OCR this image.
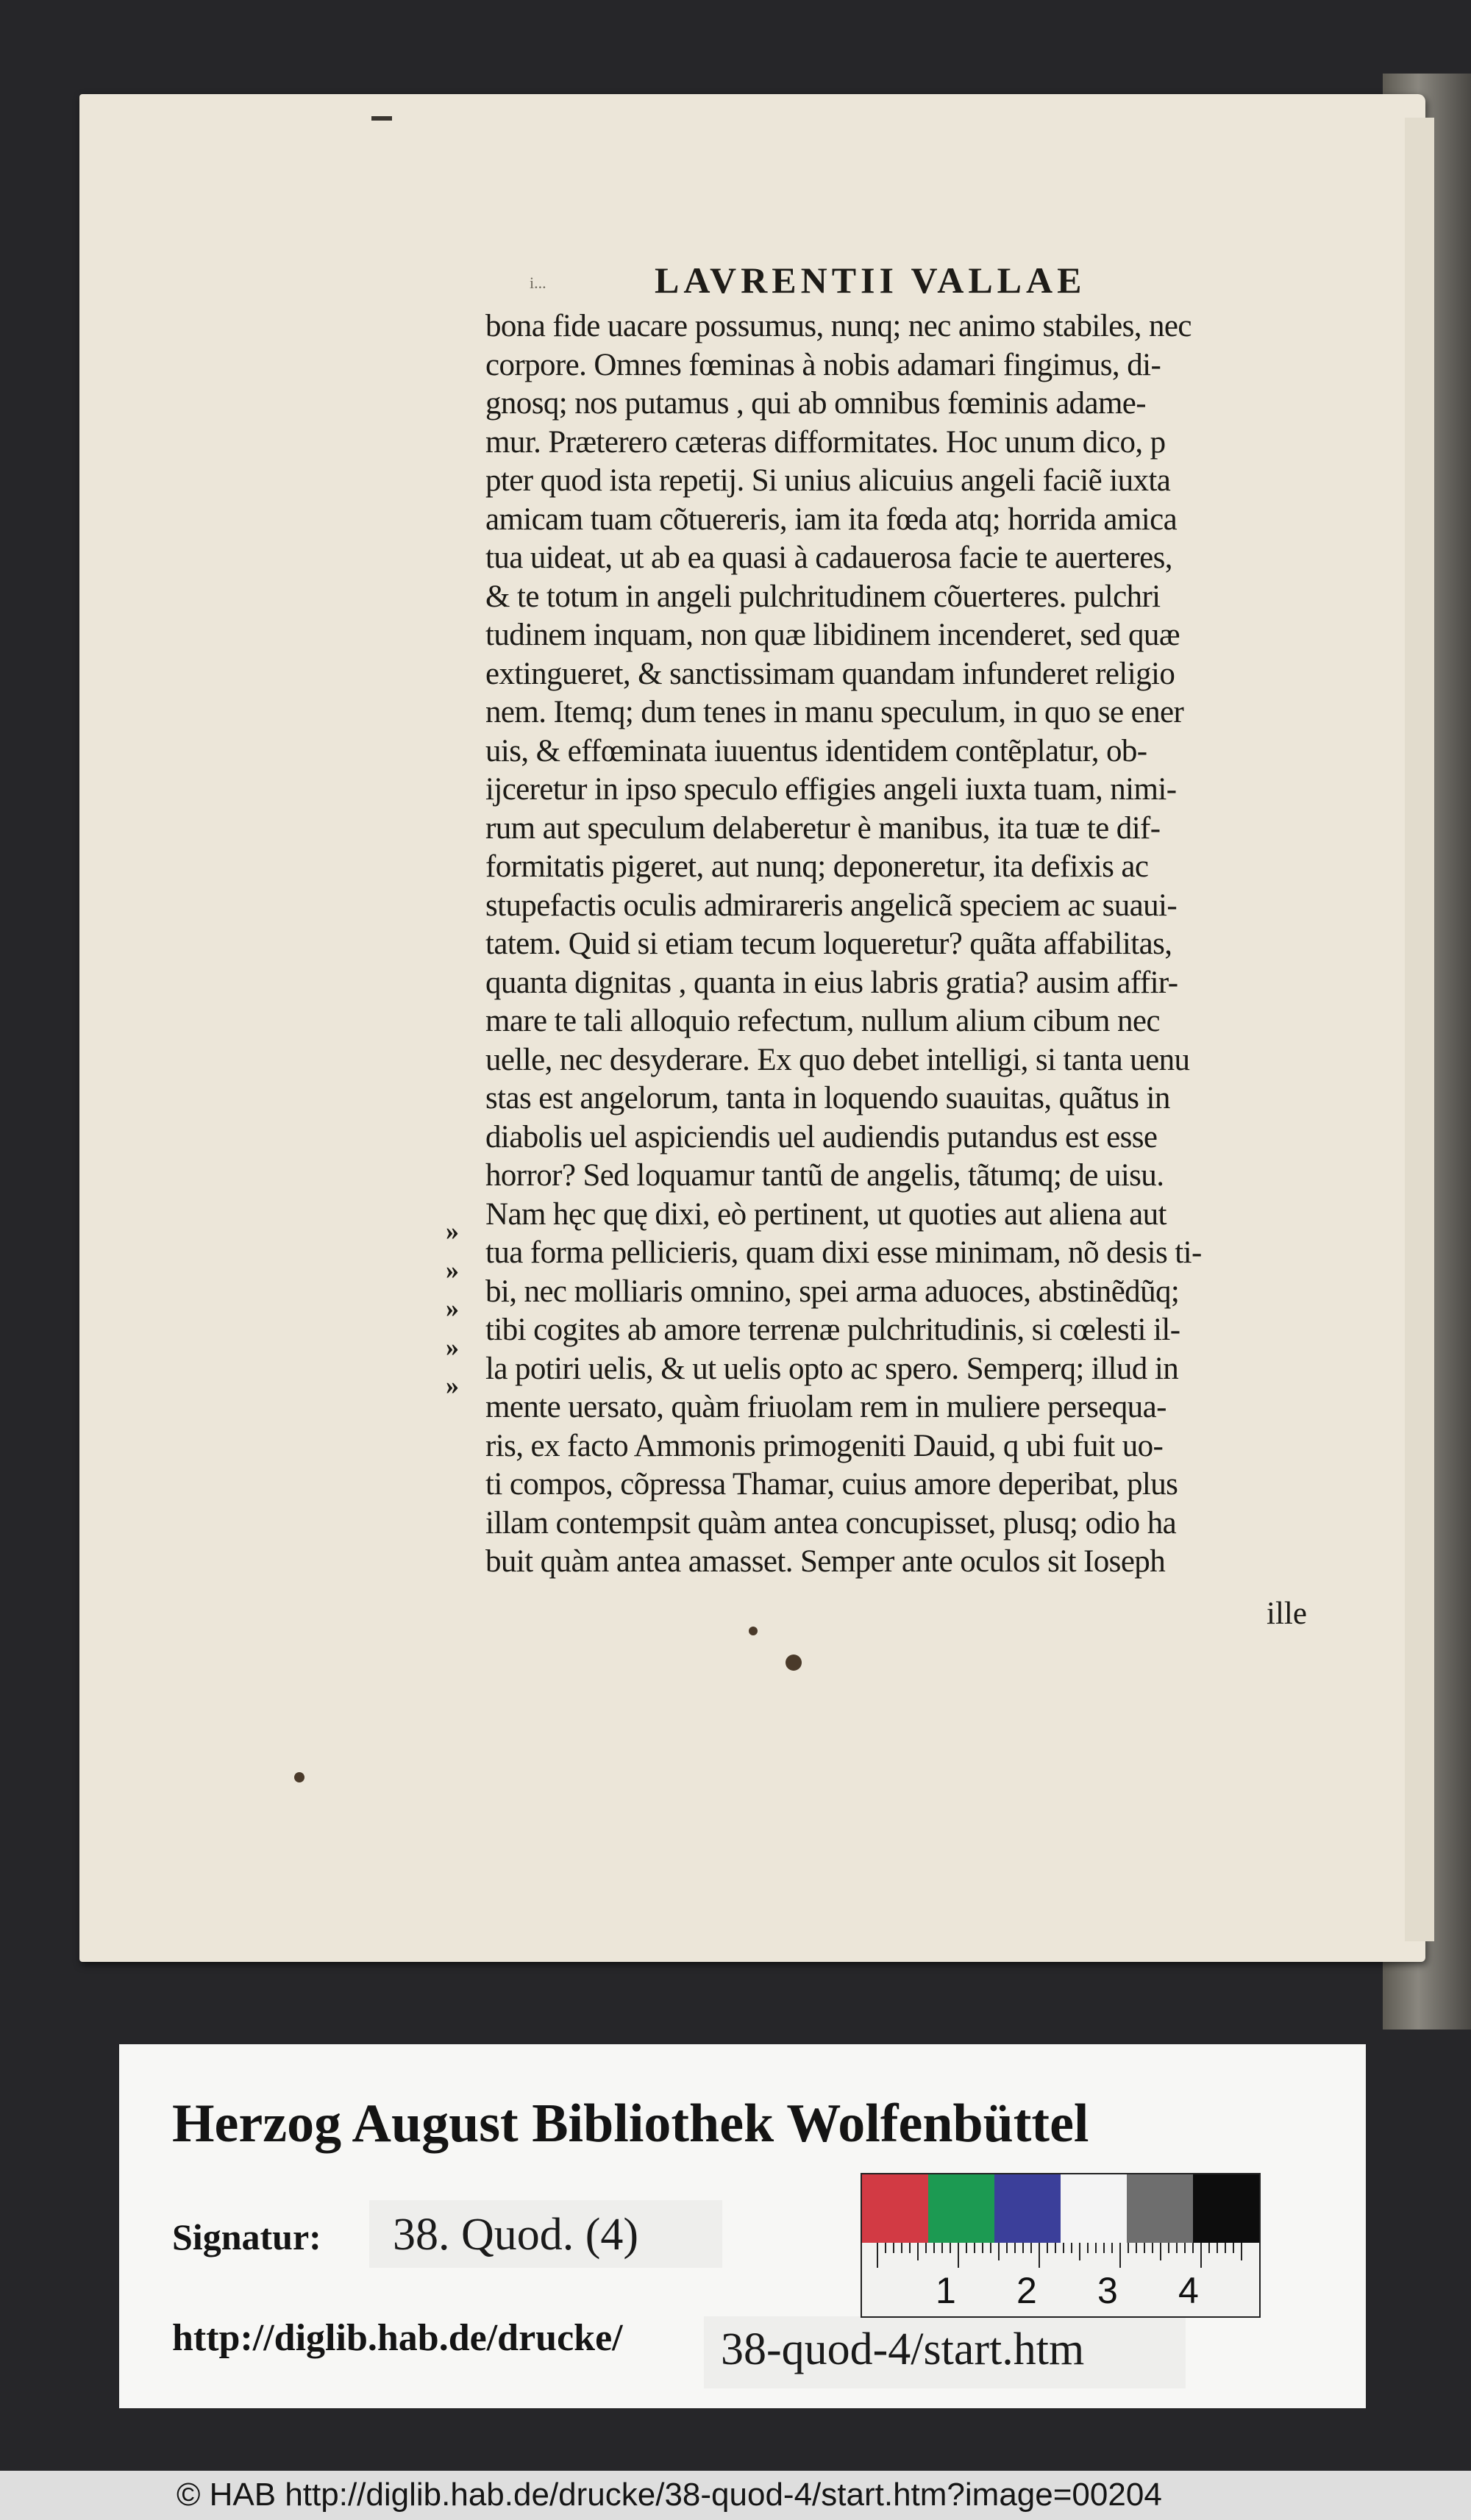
i...	LAVRENTII VALLAE
bona fide uacare possumus, nunq; nec animo stabiles, nec
corpore. Omnes fœminas à nobis adamari fingimus, di-
gnosq; nos putamus , qui ab omnibus fœminis adame-
mur. Præterero cæteras difformitates. Hoc unum dico, p
pter quod ista repetij. Si unius alicuius angeli faciẽ iuxta
amicam tuam cõtuereris, iam ita fœda atq; horrida amica
tua uideat, ut ab ea quasi à cadauerosa facie te auerteres,
& te totum in angeli pulchritudinem cõuerteres. pulchri
tudinem inquam, non quæ libidinem incenderet, sed quæ
extingueret, & sanctissimam quandam infunderet religio
nem. Itemq; dum tenes in manu speculum, in quo se ener
uis, & effœminata iuuentus identidem contẽplatur, ob-
ijceretur in ipso speculo effigies angeli iuxta tuam, nimi-
rum aut speculum delaberetur è manibus, ita tuæ te dif-
formitatis pigeret, aut nunq; deponeretur, ita defixis ac
stupefactis oculis admirareris angelicã speciem ac suaui-
tatem. Quid si etiam tecum loqueretur? quãta affabilitas,
quanta dignitas , quanta in eius labris gratia? ausim affir-
mare te tali alloquio refectum, nullum alium cibum nec
uelle, nec desyderare. Ex quo debet intelligi, si tanta uenu
stas est angelorum, tanta in loquendo suauitas, quãtus in
diabolis uel aspiciendis uel audiendis putandus est esse
horror? Sed loquamur tantũ de angelis, tãtumq; de uisu.
Nam hęc quę dixi, eò pertinent, ut quoties aut aliena aut
tua forma pellicieris, quam dixi esse minimam, nõ desis ti-
bi, nec molliaris omnino, spei arma aduoces, abstinẽdũq;
tibi cogites ab amore terrenæ pulchritudinis, si cœlesti il-
la potiri uelis, & ut uelis opto ac spero. Semperq; illud in
mente uersato, quàm friuolam rem in muliere persequa-
ris, ex facto Ammonis primogeniti Dauid, q ubi fuit uo-
ti compos, cõpressa Thamar, cuius amore deperibat, plus
illam contempsit quàm antea concupisset, plusq; odio ha
buit quàm antea amasset. Semper ante oculos sit Ioseph
»
»
»
»
»
ille
Herzog August Bibliothek Wolfenbüttel
Signatur: 38. Quod. (4)
http://diglib.hab.de/drucke/ 38-quod-4/start.htm
1 2 3 4
© HAB http://diglib.hab.de/drucke/38-quod-4/start.htm?image=00204
